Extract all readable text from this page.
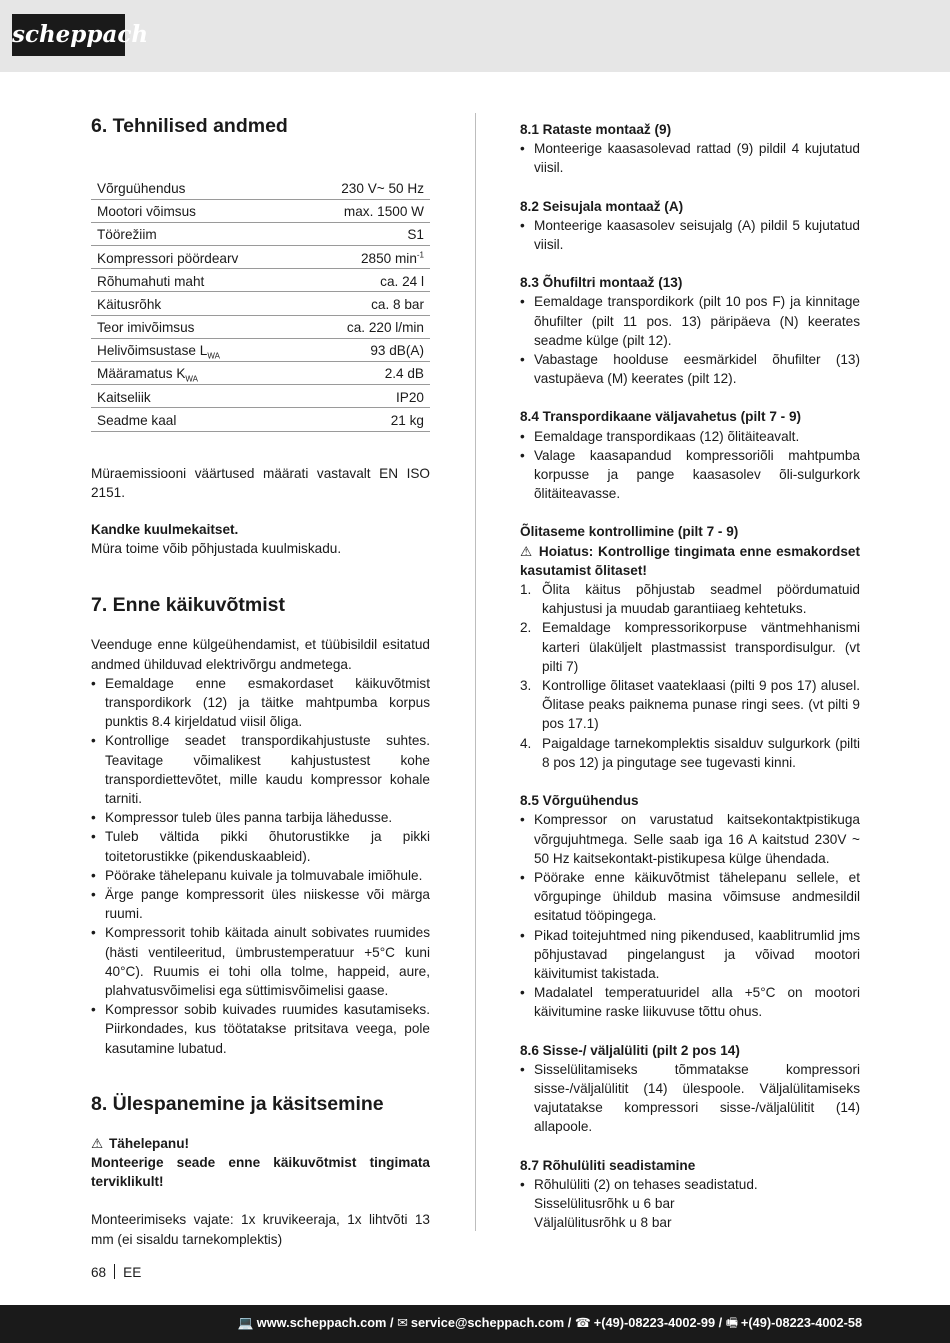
scheppach
6. Tehnilised andmed
Võrguühendus	230 V~ 50 Hz
Mootori võimsus	max. 1500 W
Töörežiim	S1
Kompressori pöördearv	2850 $\min^{-1}$
Rõhumahuti maht	ca. 24 l
Käitusrõhk	ca. 8 bar
Teor imivõimsus	ca. 220 l/min
Helivõimsustase $L_{WA}$	93 dB(A)
Määramatus $K_{WA}$	2.4 dB
Kaitseliik	IP20
Seadme kaal	21 kg

Müraemissiooni väärtused määrati vastavalt EN ISO 2151.

Kandke kuulmekaitset.

Müra toime võib põhjustada kuulmiskadu.

7. Enne käikuvõtmist

Veenduge enne külgeühendamist, et tüübisildil esitatud andmed ühilduvad elektrivõrgu andmetega.

• Eemaldage enne esmakordaset käikuvõtmist transpordikork (12) ja täitke mahtpumba korpus punktis 8.4 kirjeldatud viisil õliga.
• Kontrollige seadet transpordikahjustuste suhtes. Teavitage võimalikest kahjustustest kohe transpordiettevõtet, mille kaudu kompressor kohale tarniti.
• Kompressor tuleb üles panna tarbija lähedusse.
• Tuleb vältida pikki õhutorustikke ja pikki toitetorustikke (pikenduskaableid).
• Pöörake tähelepanu kuivale ja tolmuvabale imiõhule.
• Ärge pange kompressorit üles niiskesse või märga ruumi.
• Kompressorit tohib käitada ainult sobivates ruumides (hästi ventileeritud, ümbrustemperatuur +5°C kuni 40°C). Ruumis ei tohi olla tolme, happeid, aure, plahvatusvõimelisi ega süttimisvõimelisi gaase.
• Kompressor sobib kuivades ruumides kasutamiseks. Piirkondades, kus töötatakse pritsitava veega, pole kasutamine lubatud.
8. Ülespanemine ja käsitsemine

⚠ Tähelepanu!

Monteerige seade enne käikuvõtmist tingimata terviklikult!

Monteerimiseks vajate: 1x kruvikeeraja, 1x lihtvõti 13 mm (ei sisaldu tarnekomplektis)

8.1 Rataste montaaž (9)

• Monteerige kaasasolevad rattad (9) pildil 4 kujutatud viisil.

8.2 Seisujala montaaž (A)

• Monteerige kaasasolev seisujalg (A) pildil 5 kujutatud viisil.

8.3 Õhufiltri montaaž (13)

• Eemaldage transpordikork (pilt 10 pos F) ja kinnitage õhufilter (pilt 11 pos. 13) päripäeva (N) keerates seadme külge (pilt 12).
• Vabastage hoolduse eesmärkidel õhufilter (13) vastupäeva (M) keerates (pilt 12).

8.4 Transpordikaane väljavahetus (pilt 7 - 9)

• Eemaldage transpordikaas (12) õlitäiteavalt.
• Valage kaasapandud kompressoriõli mahtpumba korpusse ja pange kaasasolev õli-sulgurkork õlitäiteavasse.

Õlitaseme kontrollimine (pilt 7 - 9)

⚠ Hoiatus: Kontrollige tingimata enne esmakordset kasutamist õlitaset!

1. Õlita käitus põhjustab seadmel pöördumatuid kahjustusi ja muudab garantiiaeg kehtetuks.
2. Eemaldage kompressorikorpuse väntmehhanismi karteri ülaküljelt plastmassist transpordisulgur. (vt pilti 7)
3. Kontrollige õlitaset vaateklaasi (pilti 9 pos 17) alusel. Õlitase peaks paiknema punase ringi sees. (vt pilti 9 pos 17.1)
4. Paigaldage tarnekomplektis sisalduv sulgurkork (pilti 8 pos 12) ja pingutage see tugevasti kinni.

8.5 Võrguühendus

• Kompressor on varustatud kaitsekontaktpistikuga võrgujuhtmega. Selle saab iga 16 A kaitstud 230V ~ 50 Hz kaitsekontakt-pistikupesa külge ühendada.
• Pöörake enne käikuvõtmist tähelepanu sellele, et võrgupinge ühildub masina võimsuse andmesildil esitatud tööpingega.
• Pikad toitejuhtmed ning pikendused, kaablitrumlid jms põhjustavad pingelangust ja võivad mootori käivitumist takistada.
• Madalatel temperatuuridel alla +5°C on mootori käivitumine raske liikuvuse tõttu ohus.

8.6 Sisse-/ väljalüliti (pilt 2 pos 14)

• Sisselülitamiseks tõmmatakse kompressori sisse-/väljalülitit (14) ülespoole. Väljalülitamiseks vajutatakse kompressori sisse-/väljalülitit (14) allapoole.

8.7 Rõhulüliti seadistamine

• Rõhulüliti (2) on tehases seadistatud.
Sisselülitusrõhk u 6 bar
Väljalülitusrõhk u 8 bar
68 EE
💻 www.scheppach.com / ✉ service@scheppach.com / ☎ +(49)-08223-4002-99 / 🖷 +(49)-08223-4002-58
